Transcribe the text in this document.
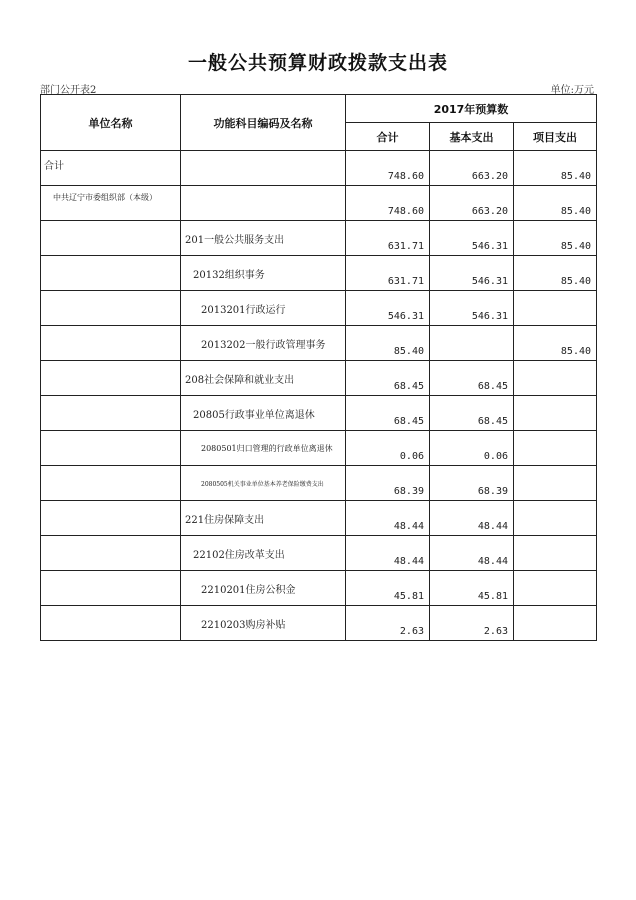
一般公共预算财政拨款支出表
部门公开表2	单位:万元
单位名称	功能科目编码及名称	2017年预算数		
		合计	基本支出	项目支出
合计		748.60	663.20	85.40
中共辽宁市委组织部（本级）		748.60	663.20	85.40
	201一般公共服务支出	631.71	546.31	85.40
	20132组织事务	631.71	546.31	85.40
	2013201行政运行	546.31	546.31	
	2013202一般行政管理事务	85.40		85.40
	208社会保障和就业支出	68.45	68.45	
	20805行政事业单位离退休	68.45	68.45	
	2080501归口管理的行政单位离退休	0.06	0.06	
	2080505机关事业单位基本养老保险缴费支出	68.39	68.39	
	221住房保障支出	48.44	48.44	
	22102住房改革支出	48.44	48.44	
	2210201住房公积金	45.81	45.81	
	2210203购房补贴	2.63	2.63	
